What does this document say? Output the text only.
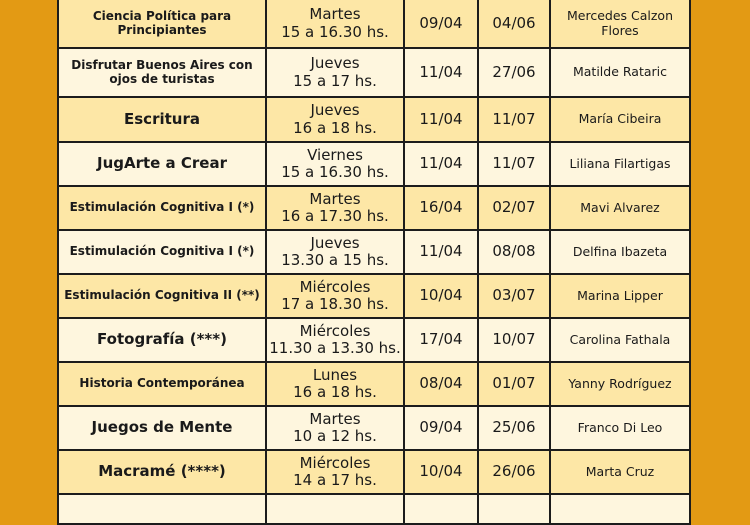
Ciencia Política para Principiantes	Martes
15 a 16.30 hs.	09/04	04/06	Mercedes Calzon Flores
Disfrutar Buenos Aires con ojos de turistas	Jueves
15 a 17 hs.	11/04	27/06	Matilde Rataric
Escritura	Jueves
16 a 18 hs.	11/04	11/07	María Cibeira
JugArte a Crear	Viernes
15 a 16.30 hs.	11/04	11/07	Liliana Filartigas
Estimulación Cognitiva I (*)	Martes
16 a 17.30 hs.	16/04	02/07	Mavi Alvarez
Estimulación Cognitiva I (*)	Jueves
13.30 a 15 hs.	11/04	08/08	Delfina Ibazeta
Estimulación Cognitiva II (**)	Miércoles
17 a 18.30 hs.	10/04	03/07	Marina Lipper
Fotografía (***)	Miércoles
11.30 a 13.30 hs.	17/04	10/07	Carolina Fathala
Historia Contemporánea	Lunes
16 a 18 hs.	08/04	01/07	Yanny Rodríguez
Juegos de Mente	Martes
10 a 12 hs.	09/04	25/06	Franco Di Leo
Macramé (****)	Miércoles
14 a 17 hs.	10/04	26/06	Marta Cruz
